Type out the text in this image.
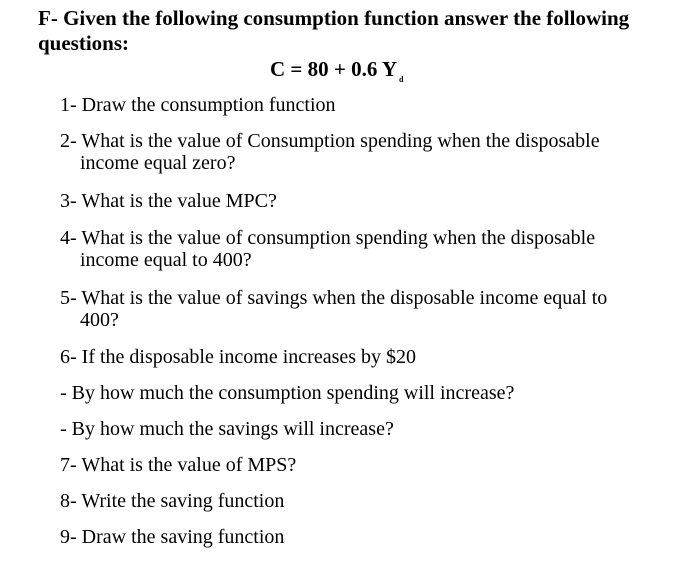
F- Given the following consumption function answer the following questions:
C = 80 + 0.6 Y $_d$
1- Draw the consumption function
2- What is the value of Consumption spending when the disposable
income equal zero?
3- What is the value MPC?
4- What is the value of consumption spending when the disposable
income equal to 400?
5- What is the value of savings when the disposable income equal to
400?
6- If the disposable income increases by $20
- By how much the consumption spending will increase?
- By how much the savings will increase?
7- What is the value of MPS?
8- Write the saving function
9- Draw the saving function
